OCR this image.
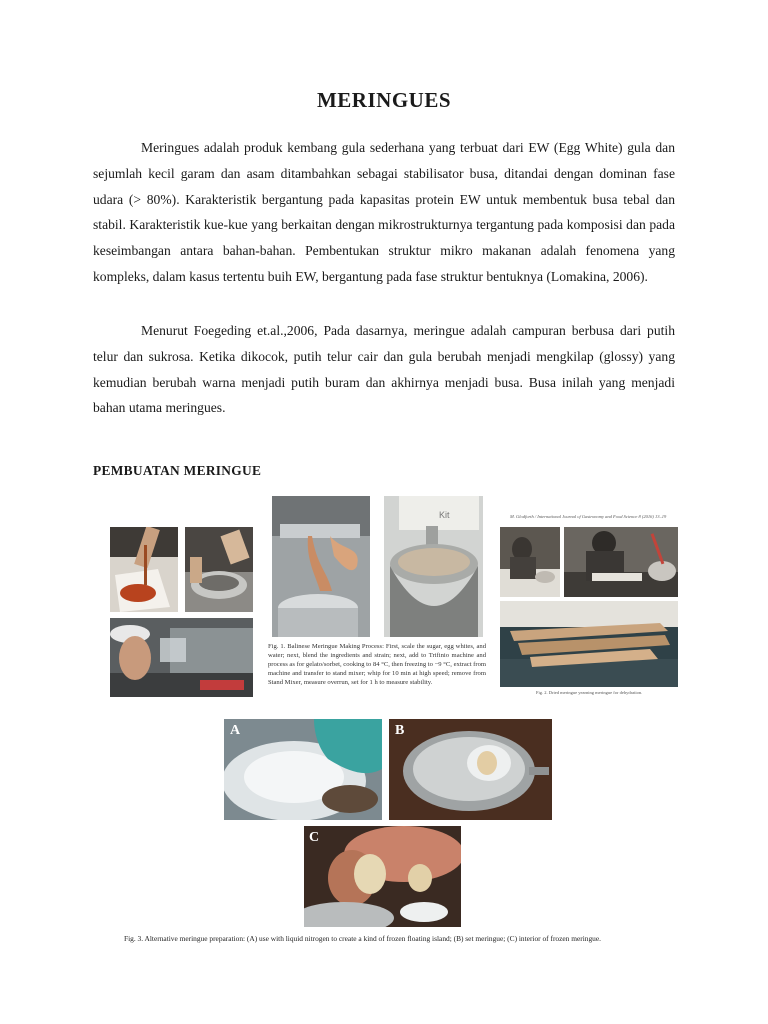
MERINGUES

Meringues adalah produk kembang gula sederhana yang terbuat dari EW (Egg White) gula dan sejumlah kecil garam dan asam ditambahkan sebagai stabilisator busa, ditandai dengan dominan fase udara (> 80%). Karakteristik bergantung pada kapasitas protein EW untuk membentuk busa tebal dan stabil. Karakteristik kue-kue yang berkaitan dengan mikrostrukturnya tergantung pada komposisi dan pada keseimbangan antara bahan-bahan. Pembentukan struktur mikro makanan adalah fenomena yang kompleks, dalam kasus tertentu buih EW, bergantung pada fase struktur bentuknya (Lomakina, 2006).

Menurut Foegeding et.al.,2006, Pada dasarnya, meringue adalah campuran berbusa dari putih telur dan sukrosa. Ketika dikocok, putih telur cair dan gula berubah menjadi mengkilap (glossy) yang kemudian berubah warna menjadi putih buram dan akhirnya menjadi busa. Busa inilah yang menjadi bahan utama meringues.

PEMBUATAN MERINGUE
Kit
Fig. 1. Balinese Meringue Making Process: First, scale the sugar, egg whites, and water; next, blend the ingredients and strain; next, add to Trifinio machine and process as for gelato/sorbet, cooking to 84 °C, then freezing to −9 °C, extract from machine and transfer to stand mixer; whip for 10 min at high speed; remove from Stand Mixer, measure overrun, set for 1 h to measure stability.
M. Glodforth / International Journal of Gastronomy and Food Science 8 (2016) 13–19
Fig. 2. Dried meringue yearning meringue for dehydration.
A	B
C
Fig. 3. Alternative meringue preparation: (A) use with liquid nitrogen to create a kind of frozen floating island; (B) set meringue; (C) interior of frozen meringue.
